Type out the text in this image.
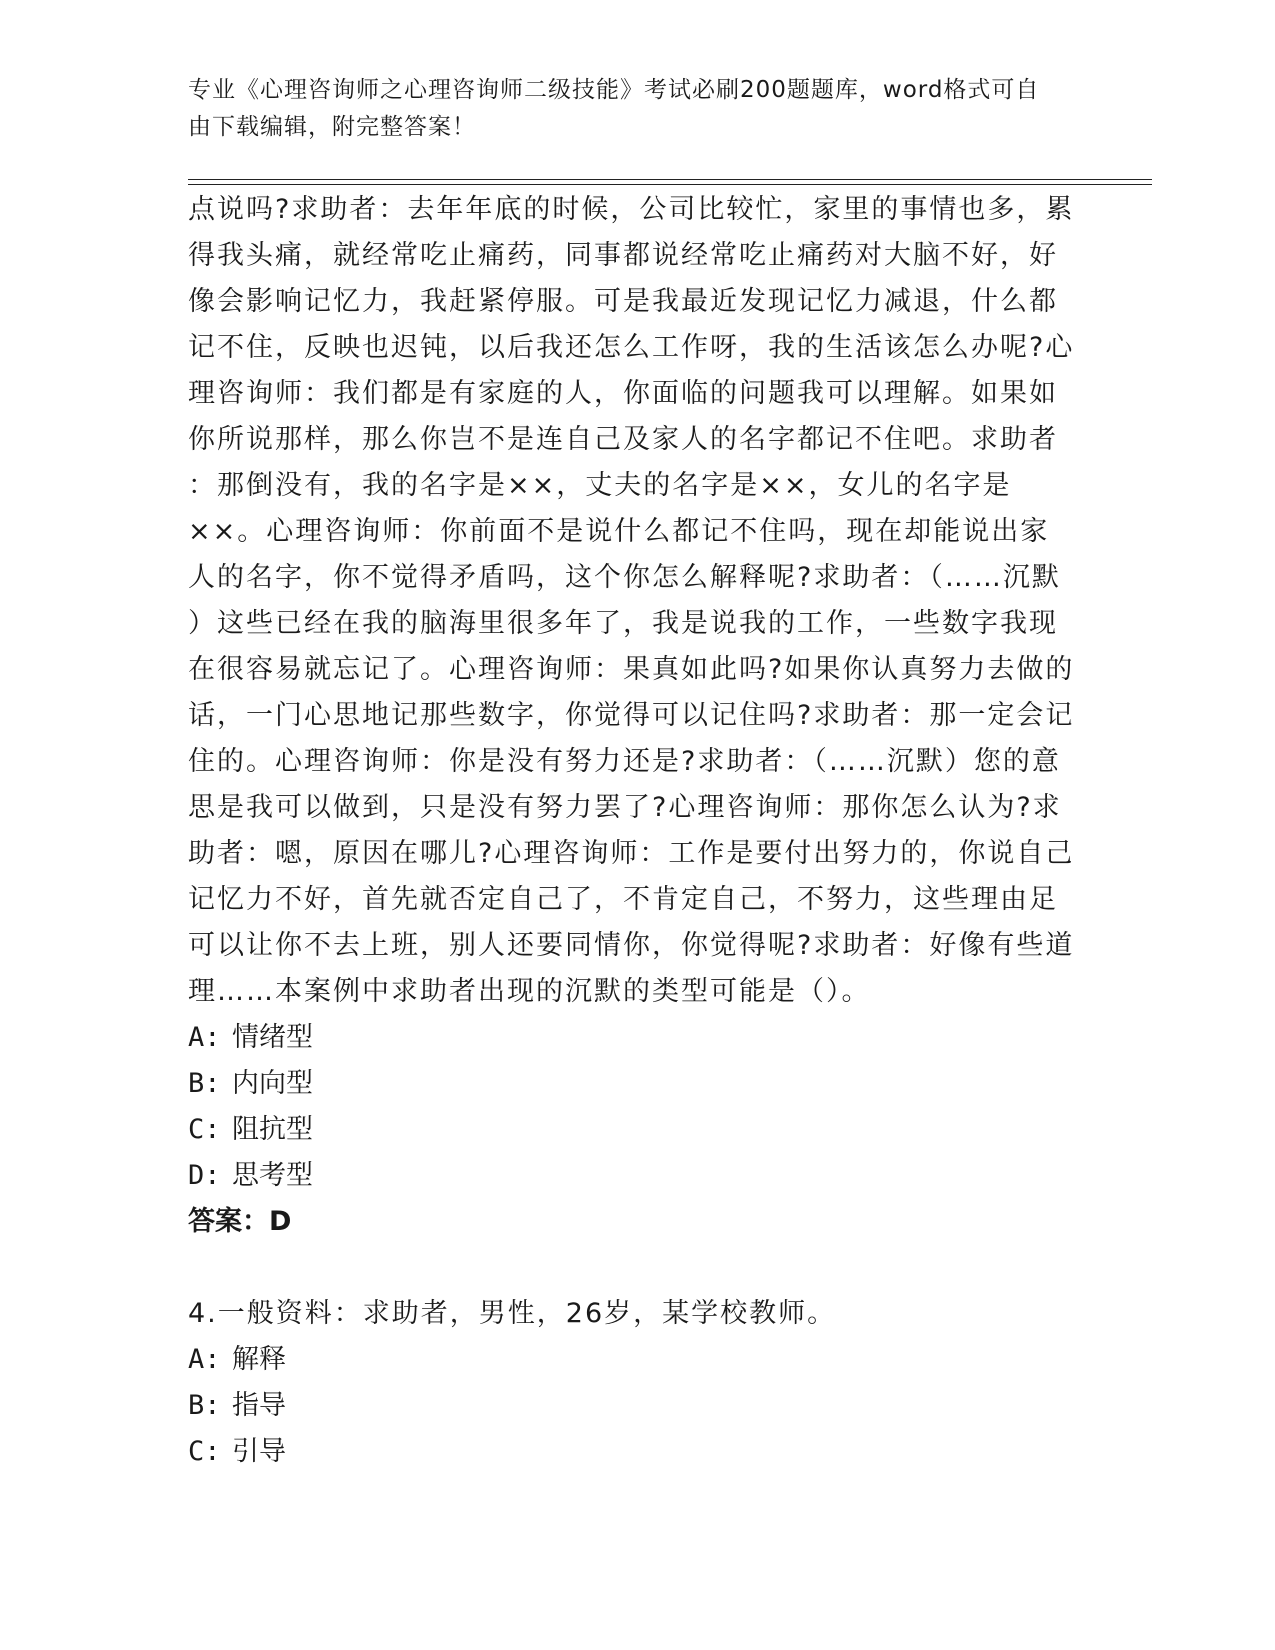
专业《心理咨询师之心理咨询师二级技能》考试必刷200题题库，word格式可自
由下载编辑，附完整答案！
点说吗?求助者：去年年底的时候，公司比较忙，家里的事情也多，累
得我头痛，就经常吃止痛药，同事都说经常吃止痛药对大脑不好，好
像会影响记忆力，我赶紧停服。可是我最近发现记忆力减退，什么都
记不住，反映也迟钝，以后我还怎么工作呀，我的生活该怎么办呢?心
理咨询师：我们都是有家庭的人，你面临的问题我可以理解。如果如
你所说那样，那么你岂不是连自己及家人的名字都记不住吧。求助者
：那倒没有，我的名字是××，丈夫的名字是××，女儿的名字是
××。心理咨询师：你前面不是说什么都记不住吗，现在却能说出家
人的名字，你不觉得矛盾吗，这个你怎么解释呢?求助者：（……沉默
）这些已经在我的脑海里很多年了，我是说我的工作，一些数字我现
在很容易就忘记了。心理咨询师：果真如此吗?如果你认真努力去做的
话，一门心思地记那些数字，你觉得可以记住吗?求助者：那一定会记
住的。心理咨询师：你是没有努力还是?求助者：（……沉默）您的意
思是我可以做到，只是没有努力罢了?心理咨询师：那你怎么认为?求
助者：嗯，原因在哪儿?心理咨询师：工作是要付出努力的，你说自己
记忆力不好，首先就否定自己了，不肯定自己，不努力，这些理由足
可以让你不去上班，别人还要同情你，你觉得呢?求助者：好像有些道
理……本案例中求助者出现的沉默的类型可能是（）。
A: 情绪型
B: 内向型
C: 阻抗型
D: 思考型
答案：D
4.一般资料：求助者，男性，26岁，某学校教师。
A: 解释
B: 指导
C: 引导
